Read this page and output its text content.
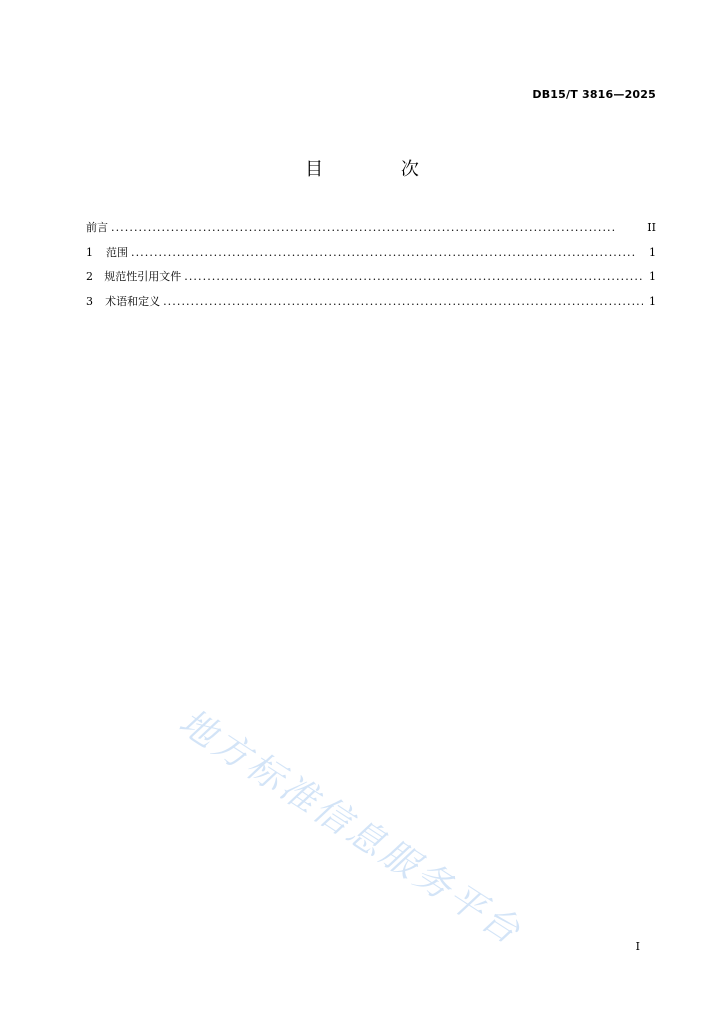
DB15/T 3816—2025
目 次
前言 . . .	II
1	范围 . . .	1
2	规范性引用文件 . . .	1
3	术语和定义 . . .	1
地方标准信息服务平台	I
